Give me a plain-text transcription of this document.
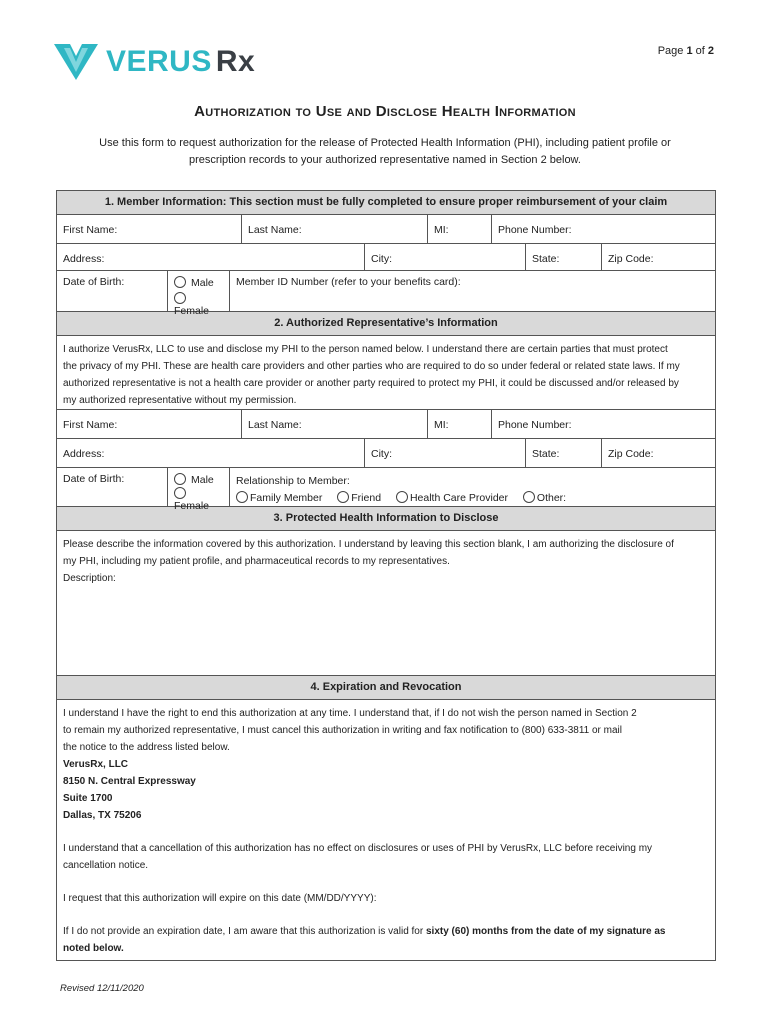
VERUS Rx	Page 1 of 2
Authorization to Use and Disclose Health Information
Use this form to request authorization for the release of Protected Health Information (PHI), including patient profile or
prescription records to your authorized representative named in Section 2 below.
1. Member Information: This section must be fully completed to ensure proper reimbursement of your claim
First Name:	Last Name:	MI:	Phone Number:
Address:	City:	State:	Zip Code:
Date of Birth:	Male
Female
Member ID Number (refer to your benefits card):
2. Authorized Representative’s Information
I authorize VerusRx, LLC to use and disclose my PHI to the person named below. I understand there are certain parties that must protect
the privacy of my PHI. These are health care providers and other parties who are required to do so under federal or related state laws. If my
authorized representative is not a health care provider or another party required to protect my PHI, it could be discussed and/or released by
my authorized representative without my permission.
First Name:	Last Name:	MI:	Phone Number:
Address:	City:	State:	Zip Code:
Date of Birth:	Male
Female
Relationship to Member:
Family Member	Friend	Health Care Provider	Other:
3. Protected Health Information to Disclose
Please describe the information covered by this authorization. I understand by leaving this section blank, I am authorizing the disclosure of
my PHI, including my patient profile, and pharmaceutical records to my representatives.
Description:
4. Expiration and Revocation
I understand I have the right to end this authorization at any time. I understand that, if I do not wish the person named in Section 2
to remain my authorized representative, I must cancel this authorization in writing and fax notification to (800) 633-3811 or mail
the notice to the address listed below.
VerusRx, LLC
8150 N. Central Expressway
Suite 1700
Dallas, TX 75206
I understand that a cancellation of this authorization has no effect on disclosures or uses of PHI by VerusRx, LLC before receiving my
cancellation notice.
I request that this authorization will expire on this date (MM/DD/YYYY):
If I do not provide an expiration date, I am aware that this authorization is valid for sixty (60) months from the date of my signature as
noted below.
Revised 12/11/2020
